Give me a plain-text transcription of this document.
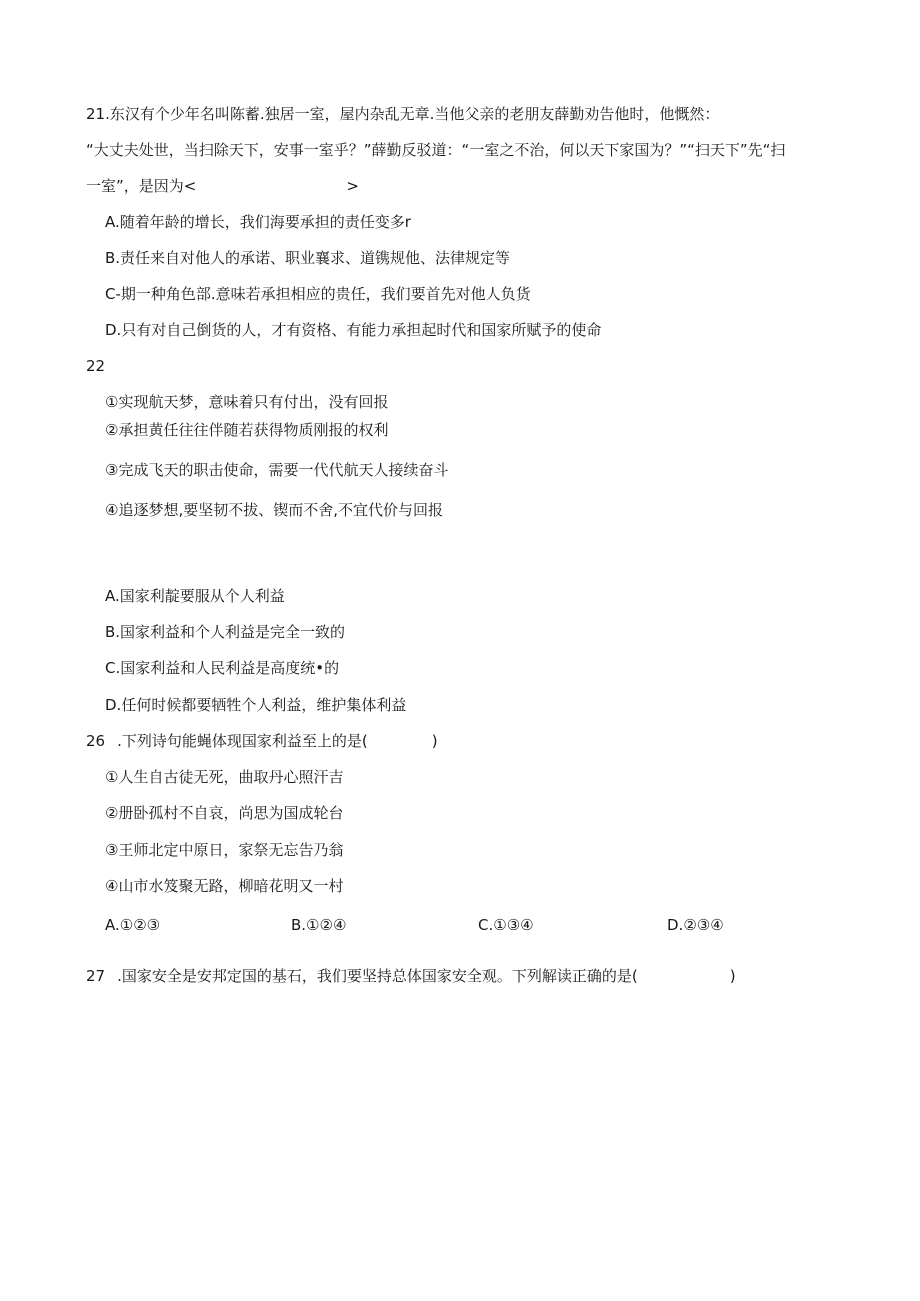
21.东汉有个少年名叫陈蓄.独居一室，屋内杂乱无章.当他父亲的老朋友薛勤劝告他时，他慨然：
“大丈夫处世，当扫除天下，安事一室乎？”薛勤反驳道：“一室之不治，何以天下家国为？”“扫天下”先“扫
一室”，是因为<	>
A.随着年龄的增长，我们海要承担的责任变多r
B.责任来自对他人的承诺、职业襄求、道镌规他、法律规定等
C-期一种角色部.意味若承担相应的贵任，我们要首先对他人负货
D.只有对自己倒货的人，才有资格、有能力承担起时代和国家所赋予的使命
22
①实现航天梦，意味着只有付出，没有回报
②承担黄任往往伴随若获得物质刚报的权利
③完成飞天的职击使命，需要一代代航天人接续奋斗
④追逐梦想,要坚韧不拔、锲而不舍,不宜代价与回报
A.国家利靛要服从个人利益
B.国家利益和个人利益是完全一致的
C.国家利益和人民利益是高度统•的
D.任何时候都要牺牲个人利益，维护集体利益
26 .下列诗句能蝇体现国家利益至上的是(	)
①人生自古徒无死，曲取丹心照汗吉
②册卧孤村不自哀，尚思为国成轮台
③王师北定中原日，家祭无忘告乃翁
④山市水笈聚无路，柳暗花明又一村
A.①②③	B.①②④	C.①③④	D.②③④
27 .国家安全是安邦定国的基石，我们要坚持总体国家安全观。下列解读正确的是(	)
